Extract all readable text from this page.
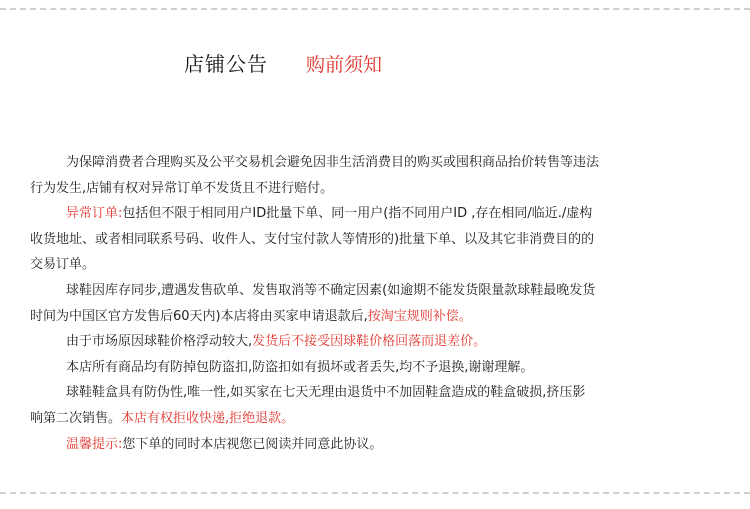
店铺公告 购前须知

为保障消费者合理购买及公平交易机会避免因非生活消费目的购买或囤积商品抬价转售等违法

行为发生,店铺有权对异常订单不发货且不进行赔付。

异常订单:包括但不限于相同用户ID批量下单、同一用户(指不同用户ID ,存在相同/临近./虚构

收货地址、或者相同联系号码、收件人、支付宝付款人等情形的)批量下单、以及其它非消费目的的

交易订单。

球鞋因库存同步,遭遇发售砍单、发售取消等不确定因素(如逾期不能发货限量款球鞋最晚发货

时间为中国区官方发售后60天内)本店将由买家申请退款后,按淘宝规则补偿。

由于市场原因球鞋价格浮动较大,发货后不接受因球鞋价格回落而退差价。

本店所有商品均有防掉包防盗扣,防盗扣如有损坏或者丢失,均不予退换,谢谢理解。

球鞋鞋盒具有防伪性,唯一性,如买家在七天无理由退货中不加固鞋盒造成的鞋盒破损,挤压影

响第二次销售。本店有权拒收快递,拒绝退款。

温馨提示:您下单的同时本店视您已阅读并同意此协议。
